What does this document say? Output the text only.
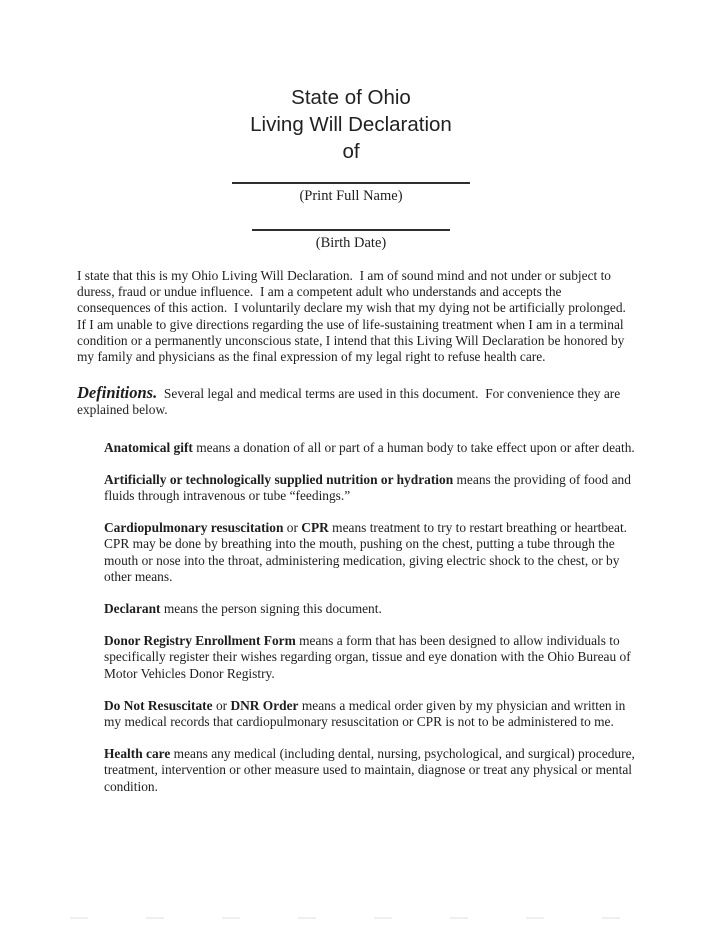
State of Ohio
Living Will Declaration
of
(Print Full Name)
(Birth Date)

I state that this is my Ohio Living Will Declaration.  I am of sound mind and not under or subject to duress, fraud or undue influence.  I am a competent adult who understands and accepts the consequences of this action.  I voluntarily declare my wish that my dying not be artificially prolonged. If I am unable to give directions regarding the use of life-sustaining treatment when I am in a terminal condition or a permanently unconscious state, I intend that this Living Will Declaration be honored by my family and physicians as the final expression of my legal right to refuse health care.

Definitions.  Several legal and medical terms are used in this document.  For convenience they are explained below.

Anatomical gift means a donation of all or part of a human body to take effect upon or after death.

Artificially or technologically supplied nutrition or hydration means the providing of food and fluids through intravenous or tube “feedings.”

Cardiopulmonary resuscitation or CPR means treatment to try to restart breathing or heartbeat.  CPR may be done by breathing into the mouth, pushing on the chest, putting a tube through the mouth or nose into the throat, administering medication, giving electric shock to the chest, or by other means.

Declarant means the person signing this document.

Donor Registry Enrollment Form means a form that has been designed to allow individuals to specifically register their wishes regarding organ, tissue and eye donation with the Ohio Bureau of Motor Vehicles Donor Registry.

Do Not Resuscitate or DNR Order means a medical order given by my physician and written in my medical records that cardiopulmonary resuscitation or CPR is not to be administered to me.

Health care means any medical (including dental, nursing, psychological, and surgical) procedure, treatment, intervention or other measure used to maintain, diagnose or treat any physical or mental condition.
